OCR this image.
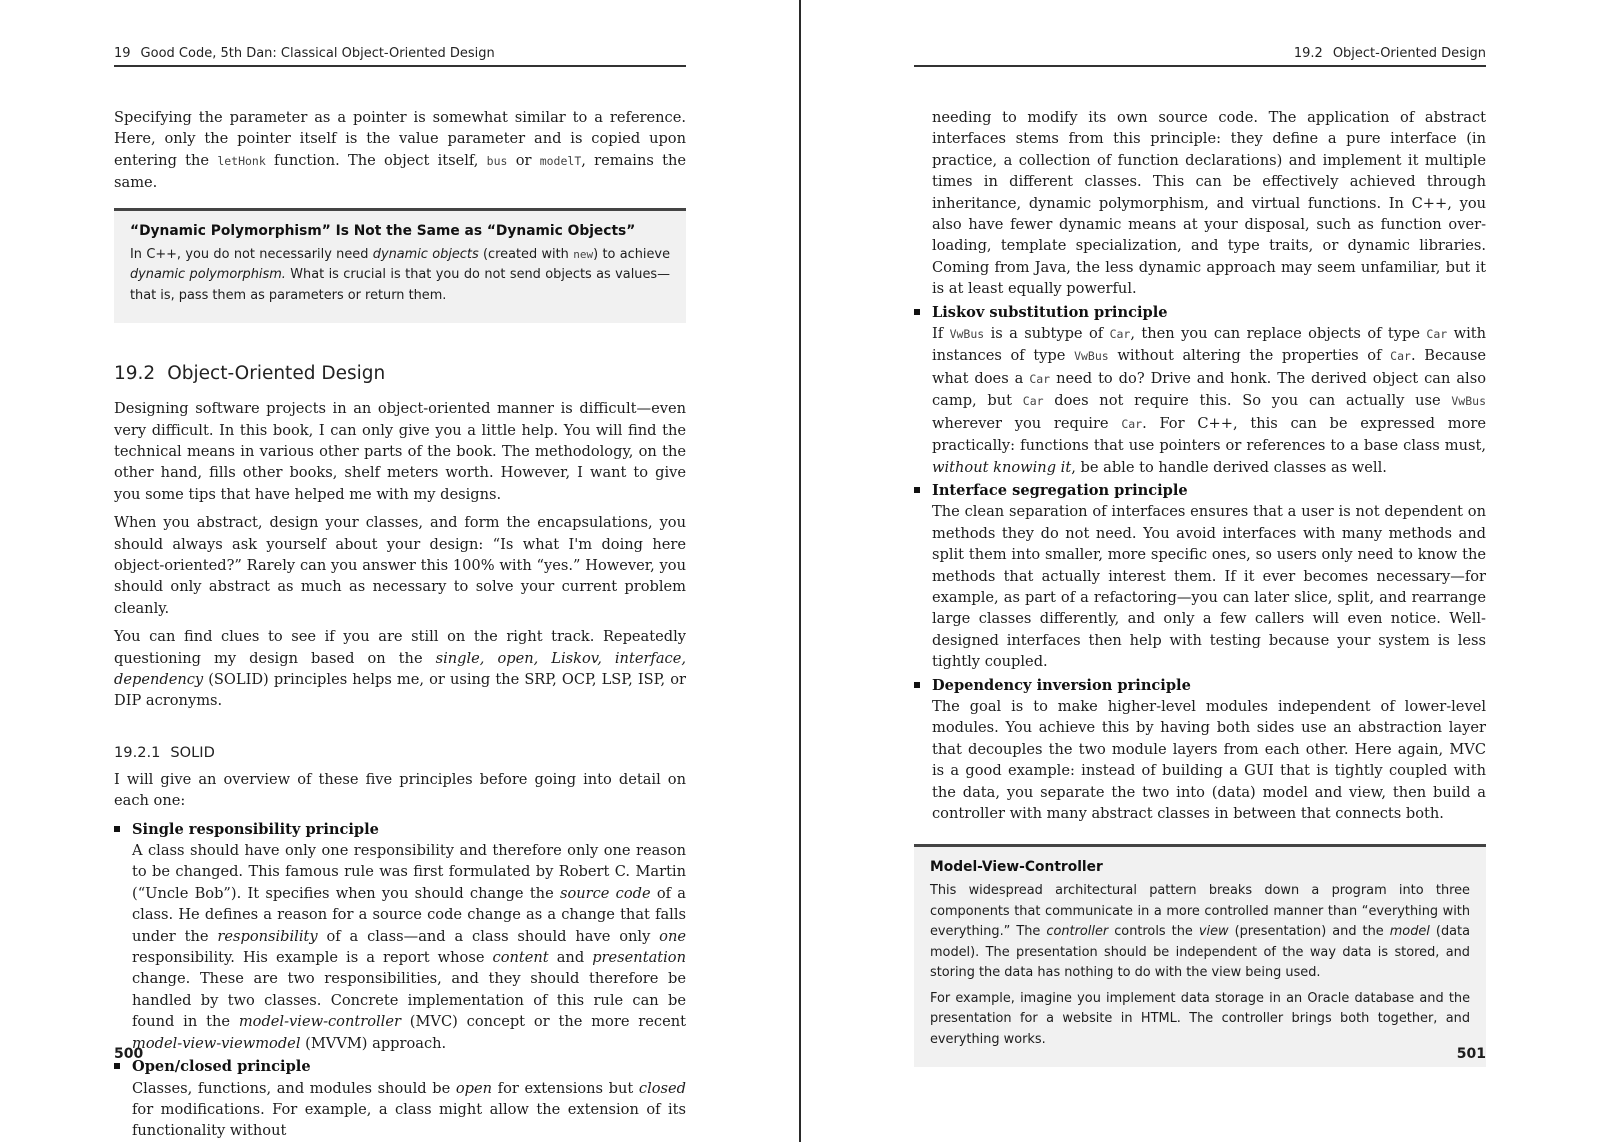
19 Good Code, 5th Dan: Classical Object-Oriented Design

Specifying the parameter as a pointer is somewhat similar to a reference. Here, only the pointer itself is the value parameter and is copied upon entering the letHonk function. The object itself, bus or modelT, remains the same.

“Dynamic Polymorphism” Is Not the Same as “Dynamic Objects”

In C++, you do not necessarily need dynamic objects (created with new) to achieve dynamic polymorphism. What is crucial is that you do not send objects as values—that is, pass them as parameters or return them.

19.2 Object-Oriented Design

Designing software projects in an object-oriented manner is difficult—even very difficult. In this book, I can only give you a little help. You will find the technical means in various other parts of the book. The methodology, on the other hand, fills other books, shelf meters worth. However, I want to give you some tips that have helped me with my designs.

When you abstract, design your classes, and form the encapsulations, you should always ask yourself about your design: “Is what I'm doing here object-oriented?” Rarely can you answer this 100% with “yes.” However, you should only abstract as much as necessary to solve your current problem cleanly.

You can find clues to see if you are still on the right track. Repeatedly questioning my design based on the single, open, Liskov, interface, dependency (SOLID) principles helps me, or using the SRP, OCP, LSP, ISP, or DIP acronyms.

19.2.1 SOLID

I will give an overview of these five principles before going into detail on each one:

Single responsibility principle

A class should have only one responsibility and therefore only one reason to be changed. This famous rule was first formulated by Robert C. Martin (“Uncle Bob”). It specifies when you should change the source code of a class. He defines a reason for a source code change as a change that falls under the responsibility of a class—and a class should have only one responsibility. His example is a report whose content and presentation change. These are two responsibilities, and they should therefore be handled by two classes. Concrete implementation of this rule can be found in the model-view-controller (MVC) concept or the more recent model-view-viewmodel (MVVM) approach.

Open/closed principle

Classes, functions, and modules should be open for extensions but closed for modifications. For example, a class might allow the extension of its functionality without

500
19.2 Object-Oriented Design

needing to modify its own source code. The application of abstract interfaces stems from this principle: they define a pure interface (in practice, a collection of function declarations) and implement it multiple times in different classes. This can be effectively achieved through inheritance, dynamic polymorphism, and virtual functions. In C++, you also have fewer dynamic means at your disposal, such as function overloading, template specialization, and type traits, or dynamic libraries. Coming from Java, the less dynamic approach may seem unfamiliar, but it is at least equally powerful.

Liskov substitution principle

If VwBus is a subtype of Car, then you can replace objects of type Car with instances of type VwBus without altering the properties of Car. Because what does a Car need to do? Drive and honk. The derived object can also camp, but Car does not require this. So you can actually use VwBus wherever you require Car. For C++, this can be expressed more practically: functions that use pointers or references to a base class must, without knowing it, be able to handle derived classes as well.

Interface segregation principle

The clean separation of interfaces ensures that a user is not dependent on methods they do not need. You avoid interfaces with many methods and split them into smaller, more specific ones, so users only need to know the methods that actually interest them. If it ever becomes necessary—for example, as part of a refactoring—you can later slice, split, and rearrange large classes differently, and only a few callers will even notice. Well-designed interfaces then help with testing because your system is less tightly coupled.

Dependency inversion principle

The goal is to make higher-level modules independent of lower-level modules. You achieve this by having both sides use an abstraction layer that decouples the two module layers from each other. Here again, MVC is a good example: instead of building a GUI that is tightly coupled with the data, you separate the two into (data) model and view, then build a controller with many abstract classes in between that connects both.

Model-View-Controller

This widespread architectural pattern breaks down a program into three components that communicate in a more controlled manner than “everything with everything.” The controller controls the view (presentation) and the model (data model). The presentation should be independent of the way data is stored, and storing the data has nothing to do with the view being used.

For example, imagine you implement data storage in an Oracle database and the presentation for a website in HTML. The controller brings both together, and everything works.

501
